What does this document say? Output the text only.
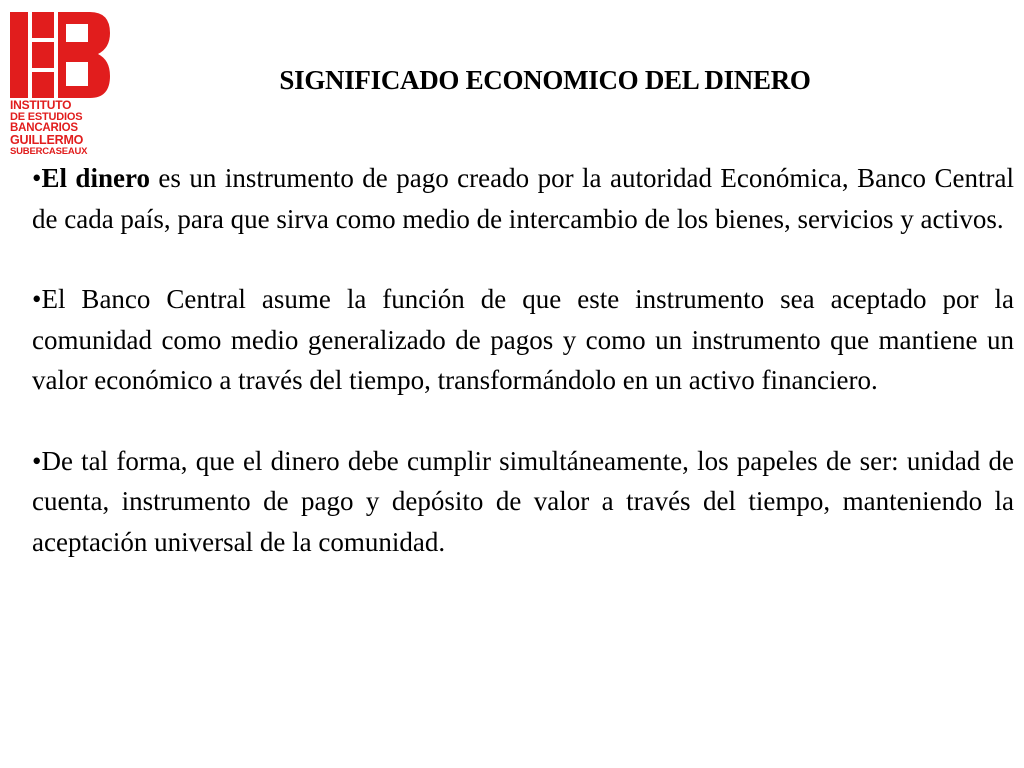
INSTITUTO
DE ESTUDIOS
BANCARIOS
GUILLERMO
SUBERCASEAUX
SIGNIFICADO ECONOMICO DEL DINERO

•El dinero es un instrumento de pago creado por la autoridad Económica, Banco Central de cada país, para que sirva como medio de intercambio de los bienes, servicios y activos.

•El Banco Central asume la función de que este instrumento sea aceptado por la comunidad como medio generalizado de pagos y como un instrumento que mantiene un valor económico a través del tiempo, transformándolo en un activo financiero.

•De tal forma, que el dinero debe cumplir simultáneamente, los papeles de ser: unidad de cuenta, instrumento de pago y depósito de valor a través del tiempo, manteniendo la aceptación universal de la comunidad.
